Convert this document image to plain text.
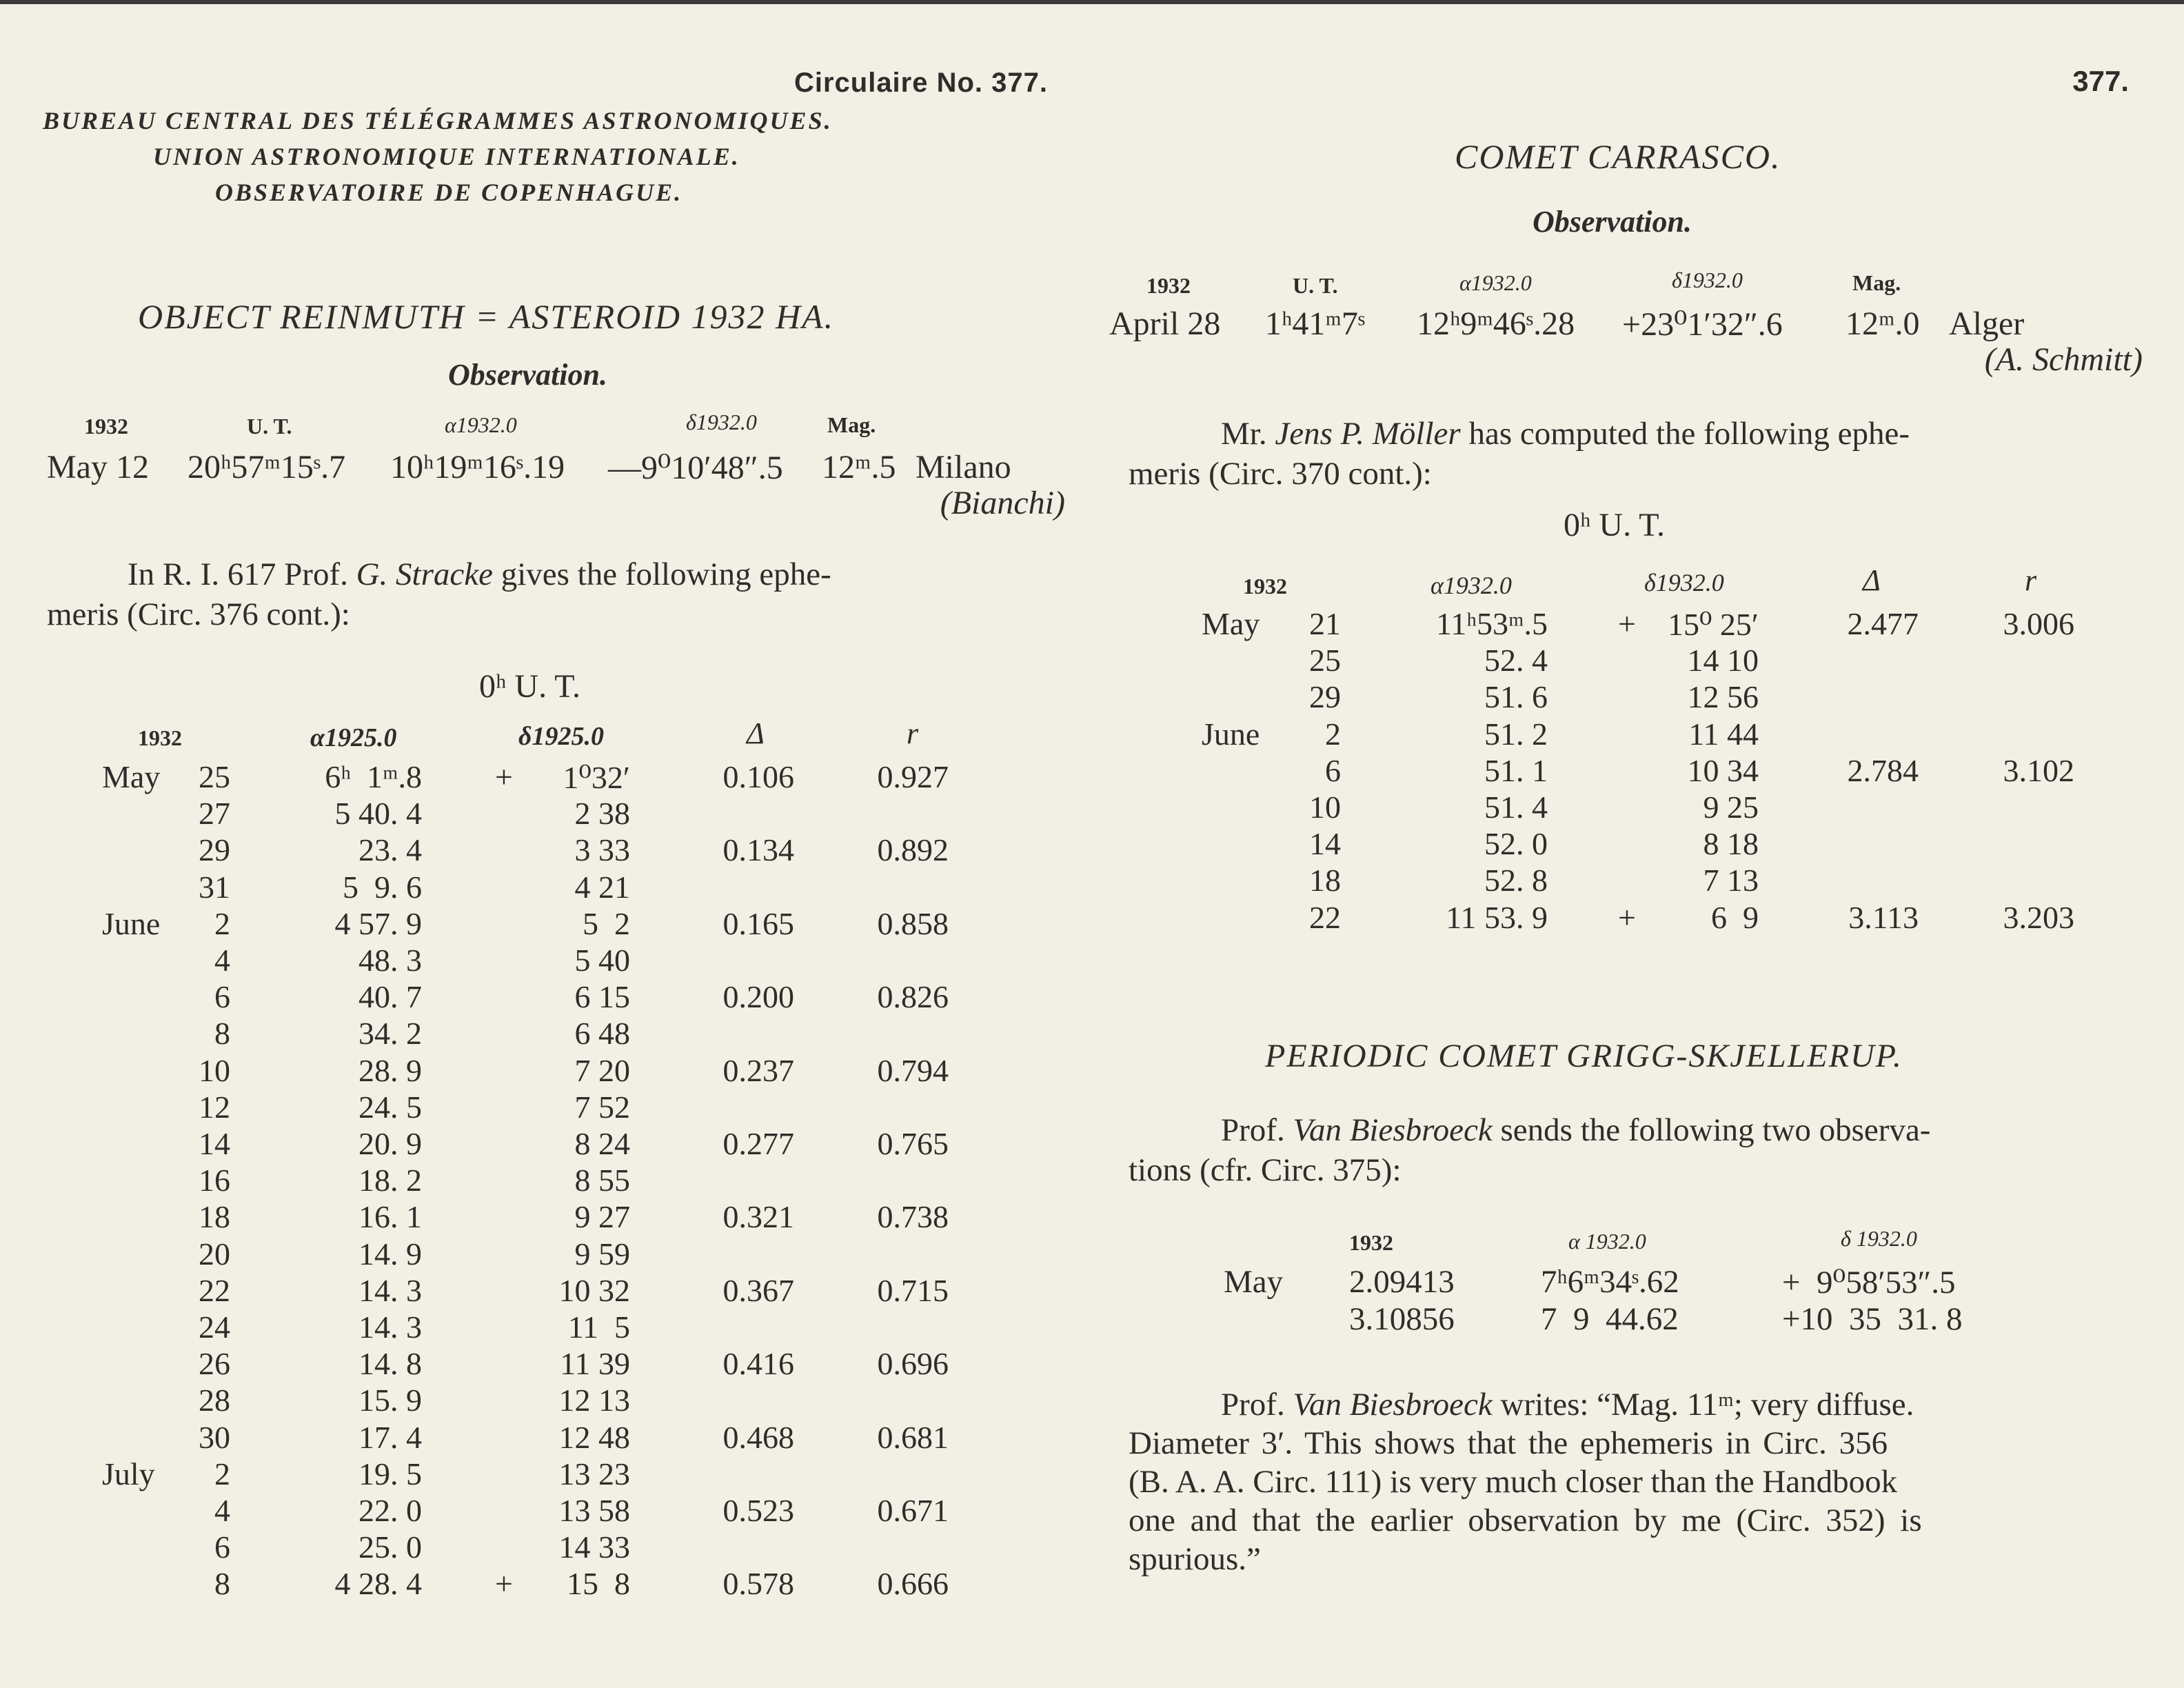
Circulaire No. 377.
BUREAU CENTRAL DES TÉLÉGRAMMES ASTRONOMIQUES.
UNION ASTRONOMIQUE INTERNATIONALE.
OBSERVATOIRE DE COPENHAGUE.
OBJECT REINMUTH = ASTEROID 1932 HA.
Observation.
1932	U. T.	α1932.0	δ1932.0	Mag.
May 12 20ʰ57ᵐ15ˢ.7 10ʰ19ᵐ16ˢ.19 —9⁰10′48″.5 12ᵐ.5 Milano
(Bianchi)
In R. I. 617 Prof. G. Stracke gives the following ephe-
meris (Circ. 376 cont.):
0ʰ U. T.
1932	α1925.0	δ1925.0	Δ	r
May 25	6ʰ  1ᵐ.8 + 1⁰32′	0.106	0.927
27	5 40. 4	2 38
29	23. 4	3 33	0.134	0.892
31	5  9. 6	4 21
June 2	4 57. 9	5  2	0.165	0.858
4	48. 3	5 40
6	40. 7	6 15	0.200	0.826
8	34. 2	6 48
10	28. 9	7 20	0.237	0.794
12	24. 5	7 52
14	20. 9	8 24	0.277	0.765
16	18. 2	8 55
18	16. 1	9 27	0.321	0.738
20	14. 9	9 59
22	14. 3	10 32	0.367	0.715
24	14. 3	11  5
26	14. 8	11 39	0.416	0.696
28	15. 9	12 13
30	17. 4	12 48	0.468	0.681
July 2	19. 5	13 23
4	22. 0	13 58	0.523	0.671
6	25. 0	14 33
8	4 28. 4 + 15  8	0.578	0.666
377.
COMET CARRASCO.
Observation.
1932	U. T.	α1932.0	δ1932.0	Mag.
April 28 1ʰ41ᵐ7ˢ 12ʰ9ᵐ46ˢ.28 +23⁰1′32″.6 12ᵐ.0 Alger
(A. Schmitt)
Mr. Jens P. Möller has computed the following ephe-
meris (Circ. 370 cont.):
0ʰ U. T.
1932	α1932.0	δ1932.0	Δ	r
May 21	11ʰ53ᵐ.5 + 15⁰ 25′	2.477	3.006
25	52. 4	14 10
29	51. 6	12 56
June 2	51. 2	11 44
6	51. 1	10 34	2.784	3.102
10	51. 4	9 25
14	52. 0	8 18
18	52. 8	7 13
22	11 53. 9 + 6  9	3.113	3.203
PERIODIC COMET GRIGG-SKJELLERUP.
Prof. Van Biesbroeck sends the following two observa-
tions (cfr. Circ. 375):
1932	α 1932.0	δ 1932.0
May 2.09413	7ʰ6ᵐ34ˢ.62	+  9⁰58′53″.5
3.10856	7  9  44.62	+10  35  31. 8
Prof. Van Biesbroeck writes: “Mag. 11ᵐ; very diffuse.
Diameter 3′. This shows that the ephemeris in Circ. 356
(B. A. A. Circ. 111) is very much closer than the Handbook
one and that the earlier observation by me (Circ. 352) is
spurious.”
